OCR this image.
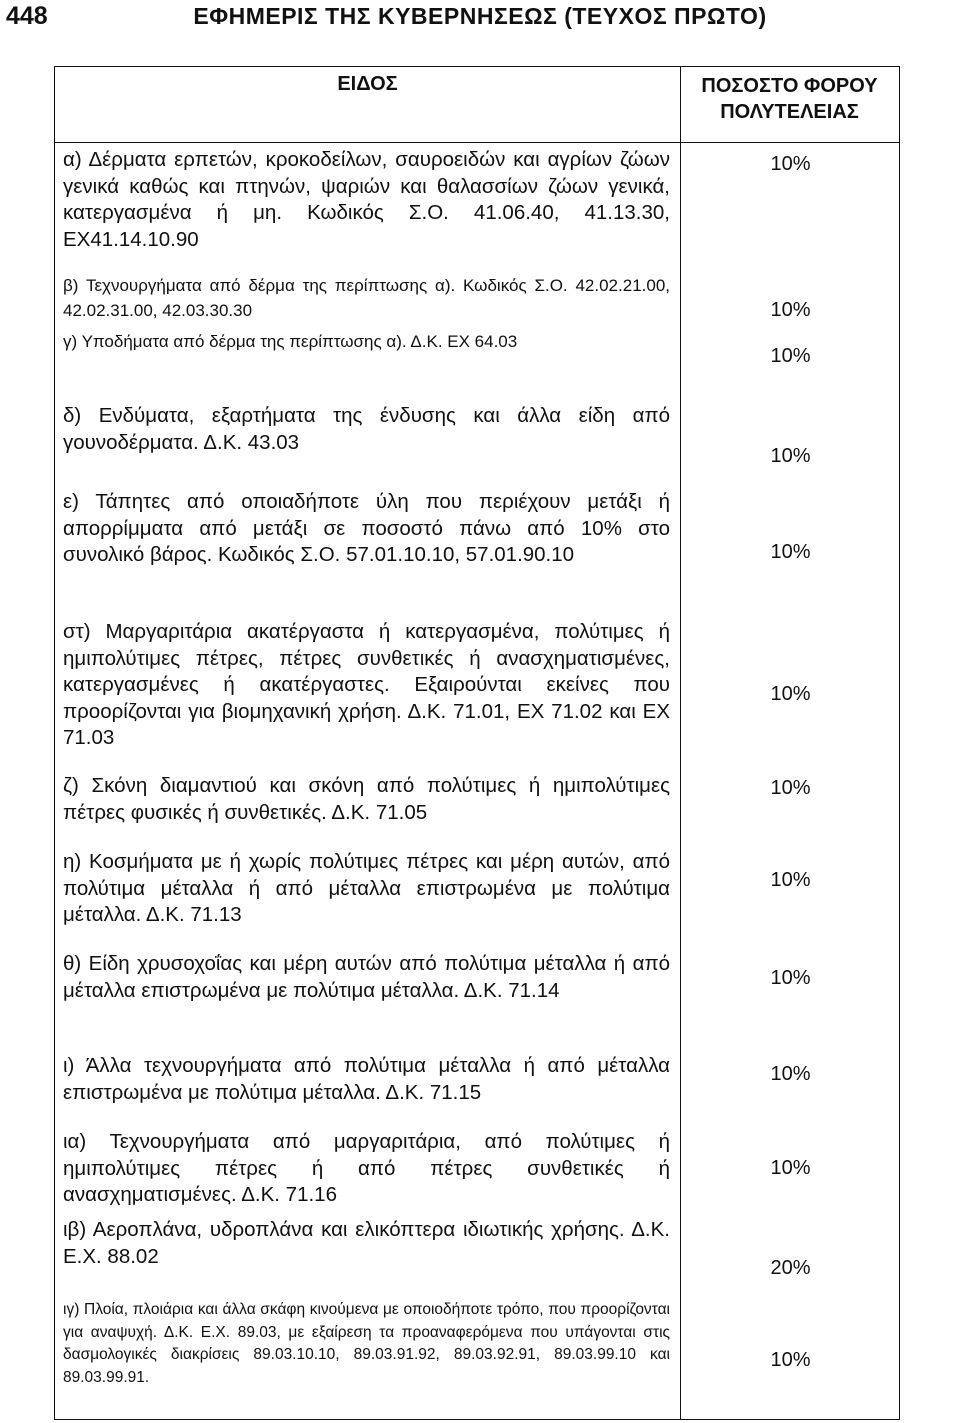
448	ΕΦΗΜΕΡΙΣ ΤΗΣ ΚΥΒΕΡΝΗΣΕΩΣ (ΤΕΥΧΟΣ ΠΡΩΤΟ)
ΕΙΔΟΣ	ΠΟΣΟΣΤΟ ΦΟΡΟΥ
ΠΟΛΥΤΕΛΕΙΑΣ
α) Δέρματα ερπετών, κροκοδείλων, σαυροειδών και αγρίων ζώων γενικά καθώς και πτηνών, ψαριών και θαλασσίων ζώων γενικά, κατεργασμένα ή μη. Κωδικός Σ.Ο. 41.06.40, 41.13.30, ΕΧ41.14.10.90
10%
β) Τεχνουργήματα από δέρμα της περίπτωσης α). Κωδικός Σ.Ο. 42.02.21.00, 42.02.31.00, 42.03.30.30	10%
γ) Υποδήματα από δέρμα της περίπτωσης α). Δ.Κ. ΕΧ 64.03
10%
δ) Ενδύματα, εξαρτήματα της ένδυσης και άλλα είδη από γουνοδέρματα. Δ.Κ. 43.03
10%
ε) Τάπητες από οποιαδήποτε ύλη που περιέχουν μετάξι ή απορρίμματα από μετάξι σε ποσοστό πάνω από 10% στο συνολικό βάρος. Κωδικός Σ.Ο. 57.01.10.10, 57.01.90.10	10%
στ) Μαργαριτάρια ακατέργαστα ή κατεργασμένα, πολύτιμες ή ημιπολύτιμες πέτρες, πέτρες συνθετικές ή ανασχηματισμένες, κατεργασμένες ή ακατέργαστες. Εξαιρούνται εκείνες που προορίζονται για βιομηχανική χρήση. Δ.Κ. 71.01, ΕΧ 71.02 και ΕΧ 71.03
10%
ζ) Σκόνη διαμαντιού και σκόνη από πολύτιμες ή ημιπολύτιμες πέτρες φυσικές ή συνθετικές. Δ.Κ. 71.05
10%
η) Κοσμήματα με ή χωρίς πολύτιμες πέτρες και μέρη αυτών, από πολύτιμα μέταλλα ή από μέταλλα επιστρωμένα με πολύτιμα μέταλλα. Δ.Κ. 71.13
10%
θ) Είδη χρυσοχοΐας και μέρη αυτών από πολύτιμα μέταλλα ή από μέταλλα επιστρωμένα με πολύτιμα μέταλλα. Δ.Κ. 71.14
10%
ι) Άλλα τεχνουργήματα από πολύτιμα μέταλλα ή από μέταλλα επιστρωμένα με πολύτιμα μέταλλα. Δ.Κ. 71.15
10%
ια) Τεχνουργήματα από μαργαριτάρια, από πολύτιμες ή ημιπολύτιμες πέτρες ή από πέτρες συνθετικές ή ανασχηματισμένες. Δ.Κ. 71.16
10%
ιβ) Αεροπλάνα, υδροπλάνα και ελικόπτερα ιδιωτικής χρήσης. Δ.Κ. Ε.Χ. 88.02
20%
ιγ) Πλοία, πλοιάρια και άλλα σκάφη κινούμενα με οποιοδήποτε τρόπο, που προορίζονται για αναψυχή. Δ.Κ. Ε.Χ. 89.03, με εξαίρεση τα προαναφερόμενα που υπάγονται στις δασμολογικές διακρίσεις 89.03.10.10, 89.03.91.92, 89.03.92.91, 89.03.99.10 και 89.03.99.91.
10%
